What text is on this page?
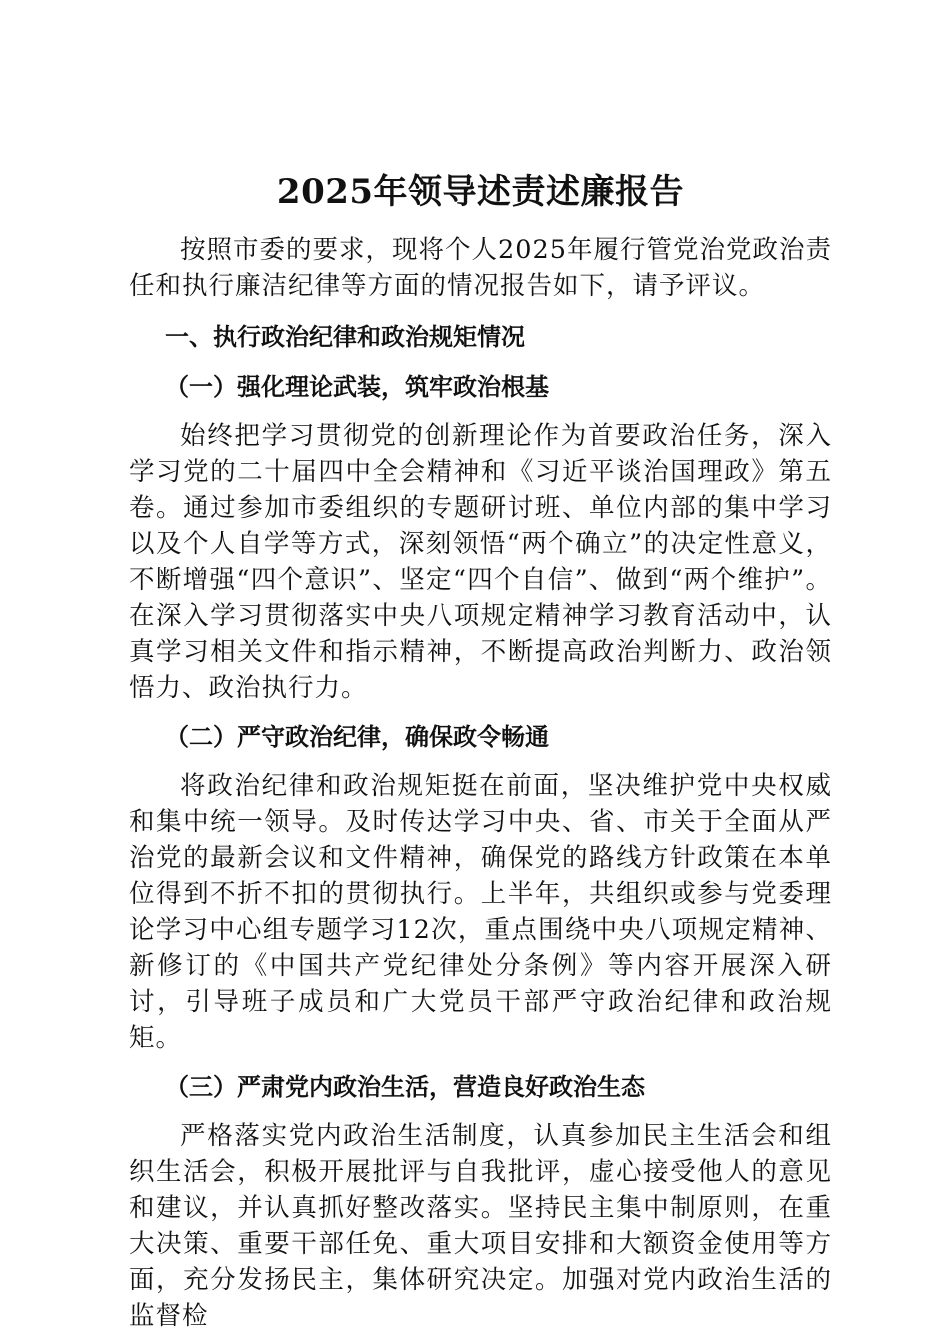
2025年领导述责述廉报告

按照市委的要求，现将个人2025年履行管党治党政治责任和执行廉洁纪律等方面的情况报告如下，请予评议。

一、执行政治纪律和政治规矩情况
（一）强化理论武装，筑牢政治根基

始终把学习贯彻党的创新理论作为首要政治任务，深入学习党的二十届四中全会精神和《习近平谈治国理政》第五卷。通过参加市委组织的专题研讨班、单位内部的集中学习以及个人自学等方式，深刻领悟“两个确立”的决定性意义，不断增强“四个意识”、坚定“四个自信”、做到“两个维护”。在深入学习贯彻落实中央八项规定精神学习教育活动中，认真学习相关文件和指示精神，不断提高政治判断力、政治领悟力、政治执行力。

（二）严守政治纪律，确保政令畅通

将政治纪律和政治规矩挺在前面，坚决维护党中央权威和集中统一领导。及时传达学习中央、省、市关于全面从严治党的最新会议和文件精神，确保党的路线方针政策在本单位得到不折不扣的贯彻执行。上半年，共组织或参与党委理论学习中心组专题学习12次，重点围绕中央八项规定精神、新修订的《中国共产党纪律处分条例》等内容开展深入研讨，引导班子成员和广大党员干部严守政治纪律和政治规矩。

（三）严肃党内政治生活，营造良好政治生态

严格落实党内政治生活制度，认真参加民主生活会和组织生活会，积极开展批评与自我批评，虚心接受他人的意见和建议，并认真抓好整改落实。坚持民主集中制原则，在重大决策、重要干部任免、重大项目安排和大额资金使用等方面，充分发扬民主，集体研究决定。加强对党内政治生活的监督检
